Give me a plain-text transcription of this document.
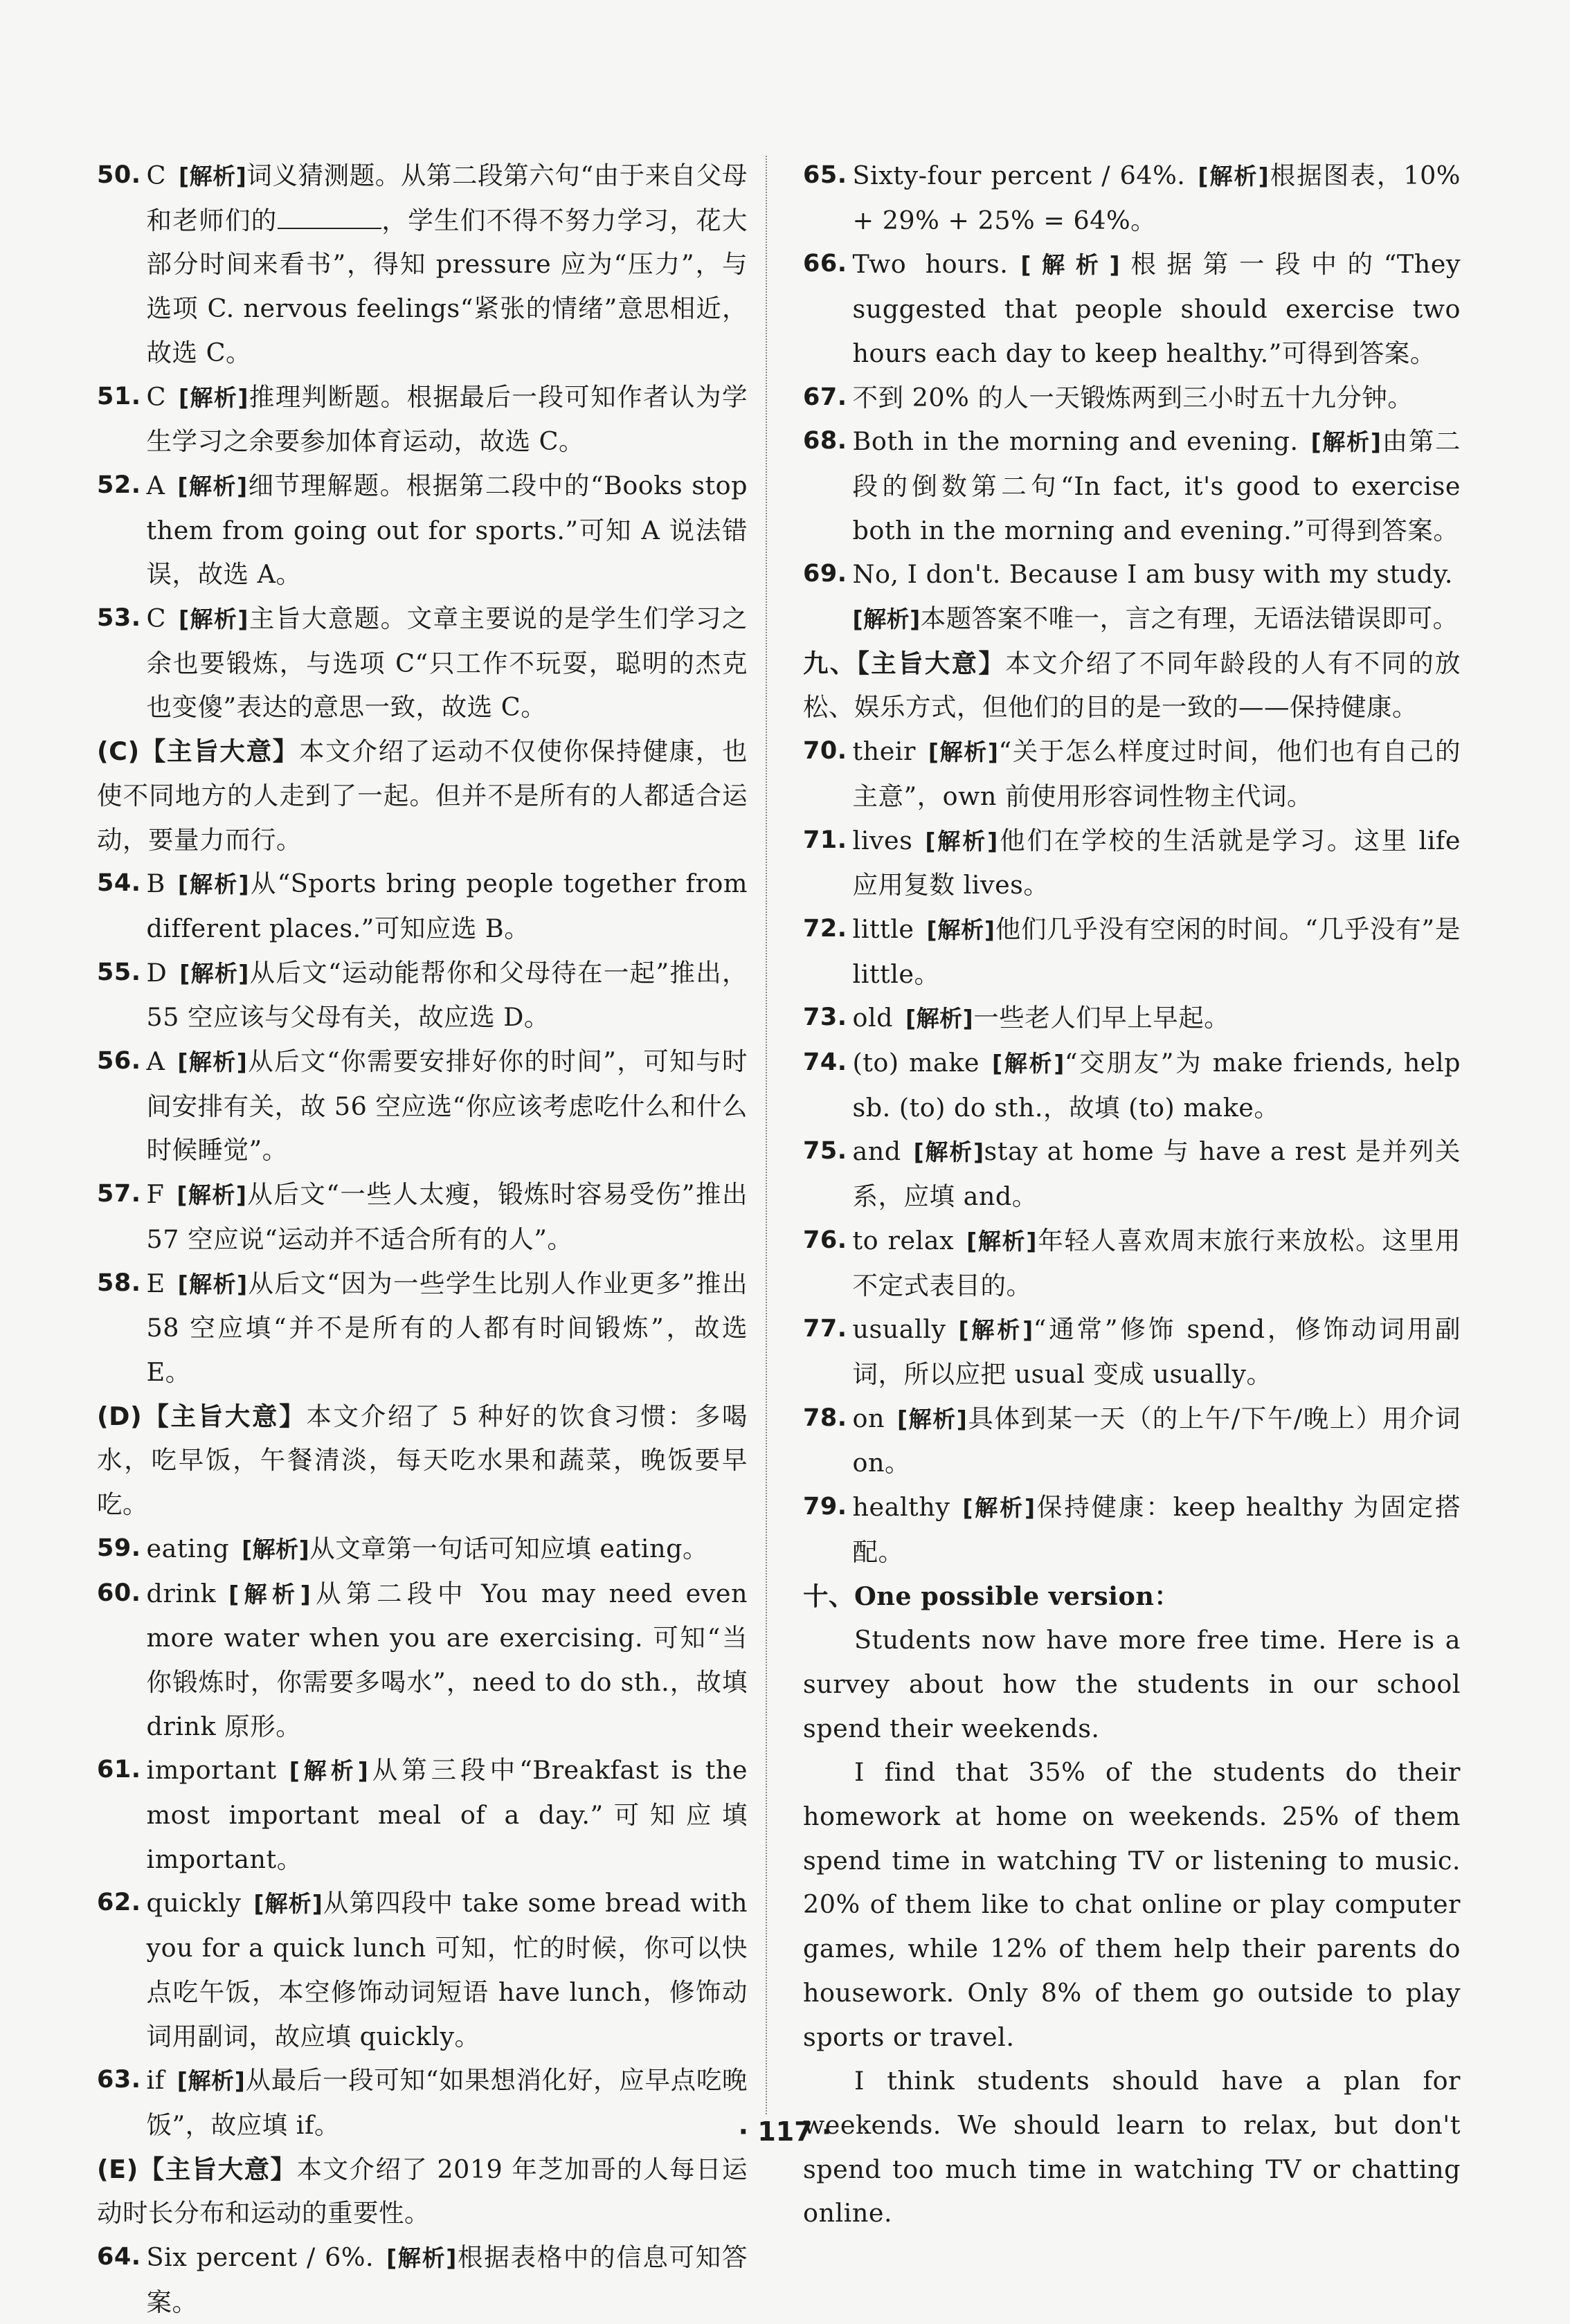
50. C [解析]词义猜测题。从第二段第六句“由于来自父母和老师们的	，学生们不得不努力学习，花大部分时间来看书”，得知 pressure 应为“压力”，与选项 C. nervous feelings“紧张的情绪”意思相近，故选 C。
51. C [解析]推理判断题。根据最后一段可知作者认为学生学习之余要参加体育运动，故选 C。
52. A [解析]细节理解题。根据第二段中的“Books stop them from going out for sports.”可知 A 说法错误，故选 A。
53. C [解析]主旨大意题。文章主要说的是学生们学习之余也要锻炼，与选项 C“只工作不玩耍，聪明的杰克也变傻”表达的意思一致，故选 C。
(C)【主旨大意】本文介绍了运动不仅使你保持健康，也使不同地方的人走到了一起。但并不是所有的人都适合运动，要量力而行。
54. B [解析]从“Sports bring people together from different places.”可知应选 B。
55. D [解析]从后文“运动能帮你和父母待在一起”推出，55 空应该与父母有关，故应选 D。
56. A [解析]从后文“你需要安排好你的时间”，可知与时间安排有关，故 56 空应选“你应该考虑吃什么和什么时候睡觉”。
57. F [解析]从后文“一些人太瘦，锻炼时容易受伤”推出 57 空应说“运动并不适合所有的人”。
58. E [解析]从后文“因为一些学生比别人作业更多”推出 58 空应填“并不是所有的人都有时间锻炼”，故选 E。
(D)【主旨大意】本文介绍了 5 种好的饮食习惯：多喝水，吃早饭，午餐清淡，每天吃水果和蔬菜，晚饭要早吃。
59. eating [解析]从文章第一句话可知应填 eating。
60. drink [解析]从第二段中 You may need even more water when you are exercising. 可知“当你锻炼时，你需要多喝水”，need to do sth.，故填 drink 原形。
61. important [解析]从第三段中“Breakfast is the most important meal of a day.”可知应填 important。
62. quickly [解析]从第四段中 take some bread with you for a quick lunch 可知，忙的时候，你可以快点吃午饭，本空修饰动词短语 have lunch，修饰动词用副词，故应填 quickly。
63. if [解析]从最后一段可知“如果想消化好，应早点吃晚饭”，故应填 if。
(E)【主旨大意】本文介绍了 2019 年芝加哥的人每日运动时长分布和运动的重要性。
64. Six percent / 6%. [解析]根据表格中的信息可知答案。
65. Sixty-four percent / 64%. [解析]根据图表，10% + 29% + 25% = 64%。
66. Two hours. [解析]根据第一段中的“They suggested that people should exercise two hours each day to keep healthy.”可得到答案。
67. 不到 20% 的人一天锻炼两到三小时五十九分钟。
68. Both in the morning and evening. [解析]由第二段的倒数第二句“In fact, it's good to exercise both in the morning and evening.”可得到答案。
69. No, I don't. Because I am busy with my study.
[解析]本题答案不唯一，言之有理，无语法错误即可。
九、【主旨大意】本文介绍了不同年龄段的人有不同的放松、娱乐方式，但他们的目的是一致的——保持健康。
70. their [解析]“关于怎么样度过时间，他们也有自己的主意”，own 前使用形容词性物主代词。
71. lives [解析]他们在学校的生活就是学习。这里 life 应用复数 lives。
72. little [解析]他们几乎没有空闲的时间。“几乎没有”是 little。
73. old [解析]一些老人们早上早起。
74. (to) make [解析]“交朋友”为 make friends, help sb. (to) do sth.，故填 (to) make。
75. and [解析]stay at home 与 have a rest 是并列关系，应填 and。
76. to relax [解析]年轻人喜欢周末旅行来放松。这里用不定式表目的。
77. usually [解析]“通常”修饰 spend，修饰动词用副词，所以应把 usual 变成 usually。
78. on [解析]具体到某一天（的上午/下午/晚上）用介词 on。
79. healthy [解析]保持健康：keep healthy 为固定搭配。
十、One possible version：
Students now have more free time. Here is a survey about how the students in our school spend their weekends.
I find that 35% of the students do their homework at home on weekends. 25% of them spend time in watching TV or listening to music. 20% of them like to chat online or play computer games, while 12% of them help their parents do housework. Only 8% of them go outside to play sports or travel.
I think students should have a plan for weekends. We should learn to relax, but don't spend too much time in watching TV or chatting online.
· 117 ·
